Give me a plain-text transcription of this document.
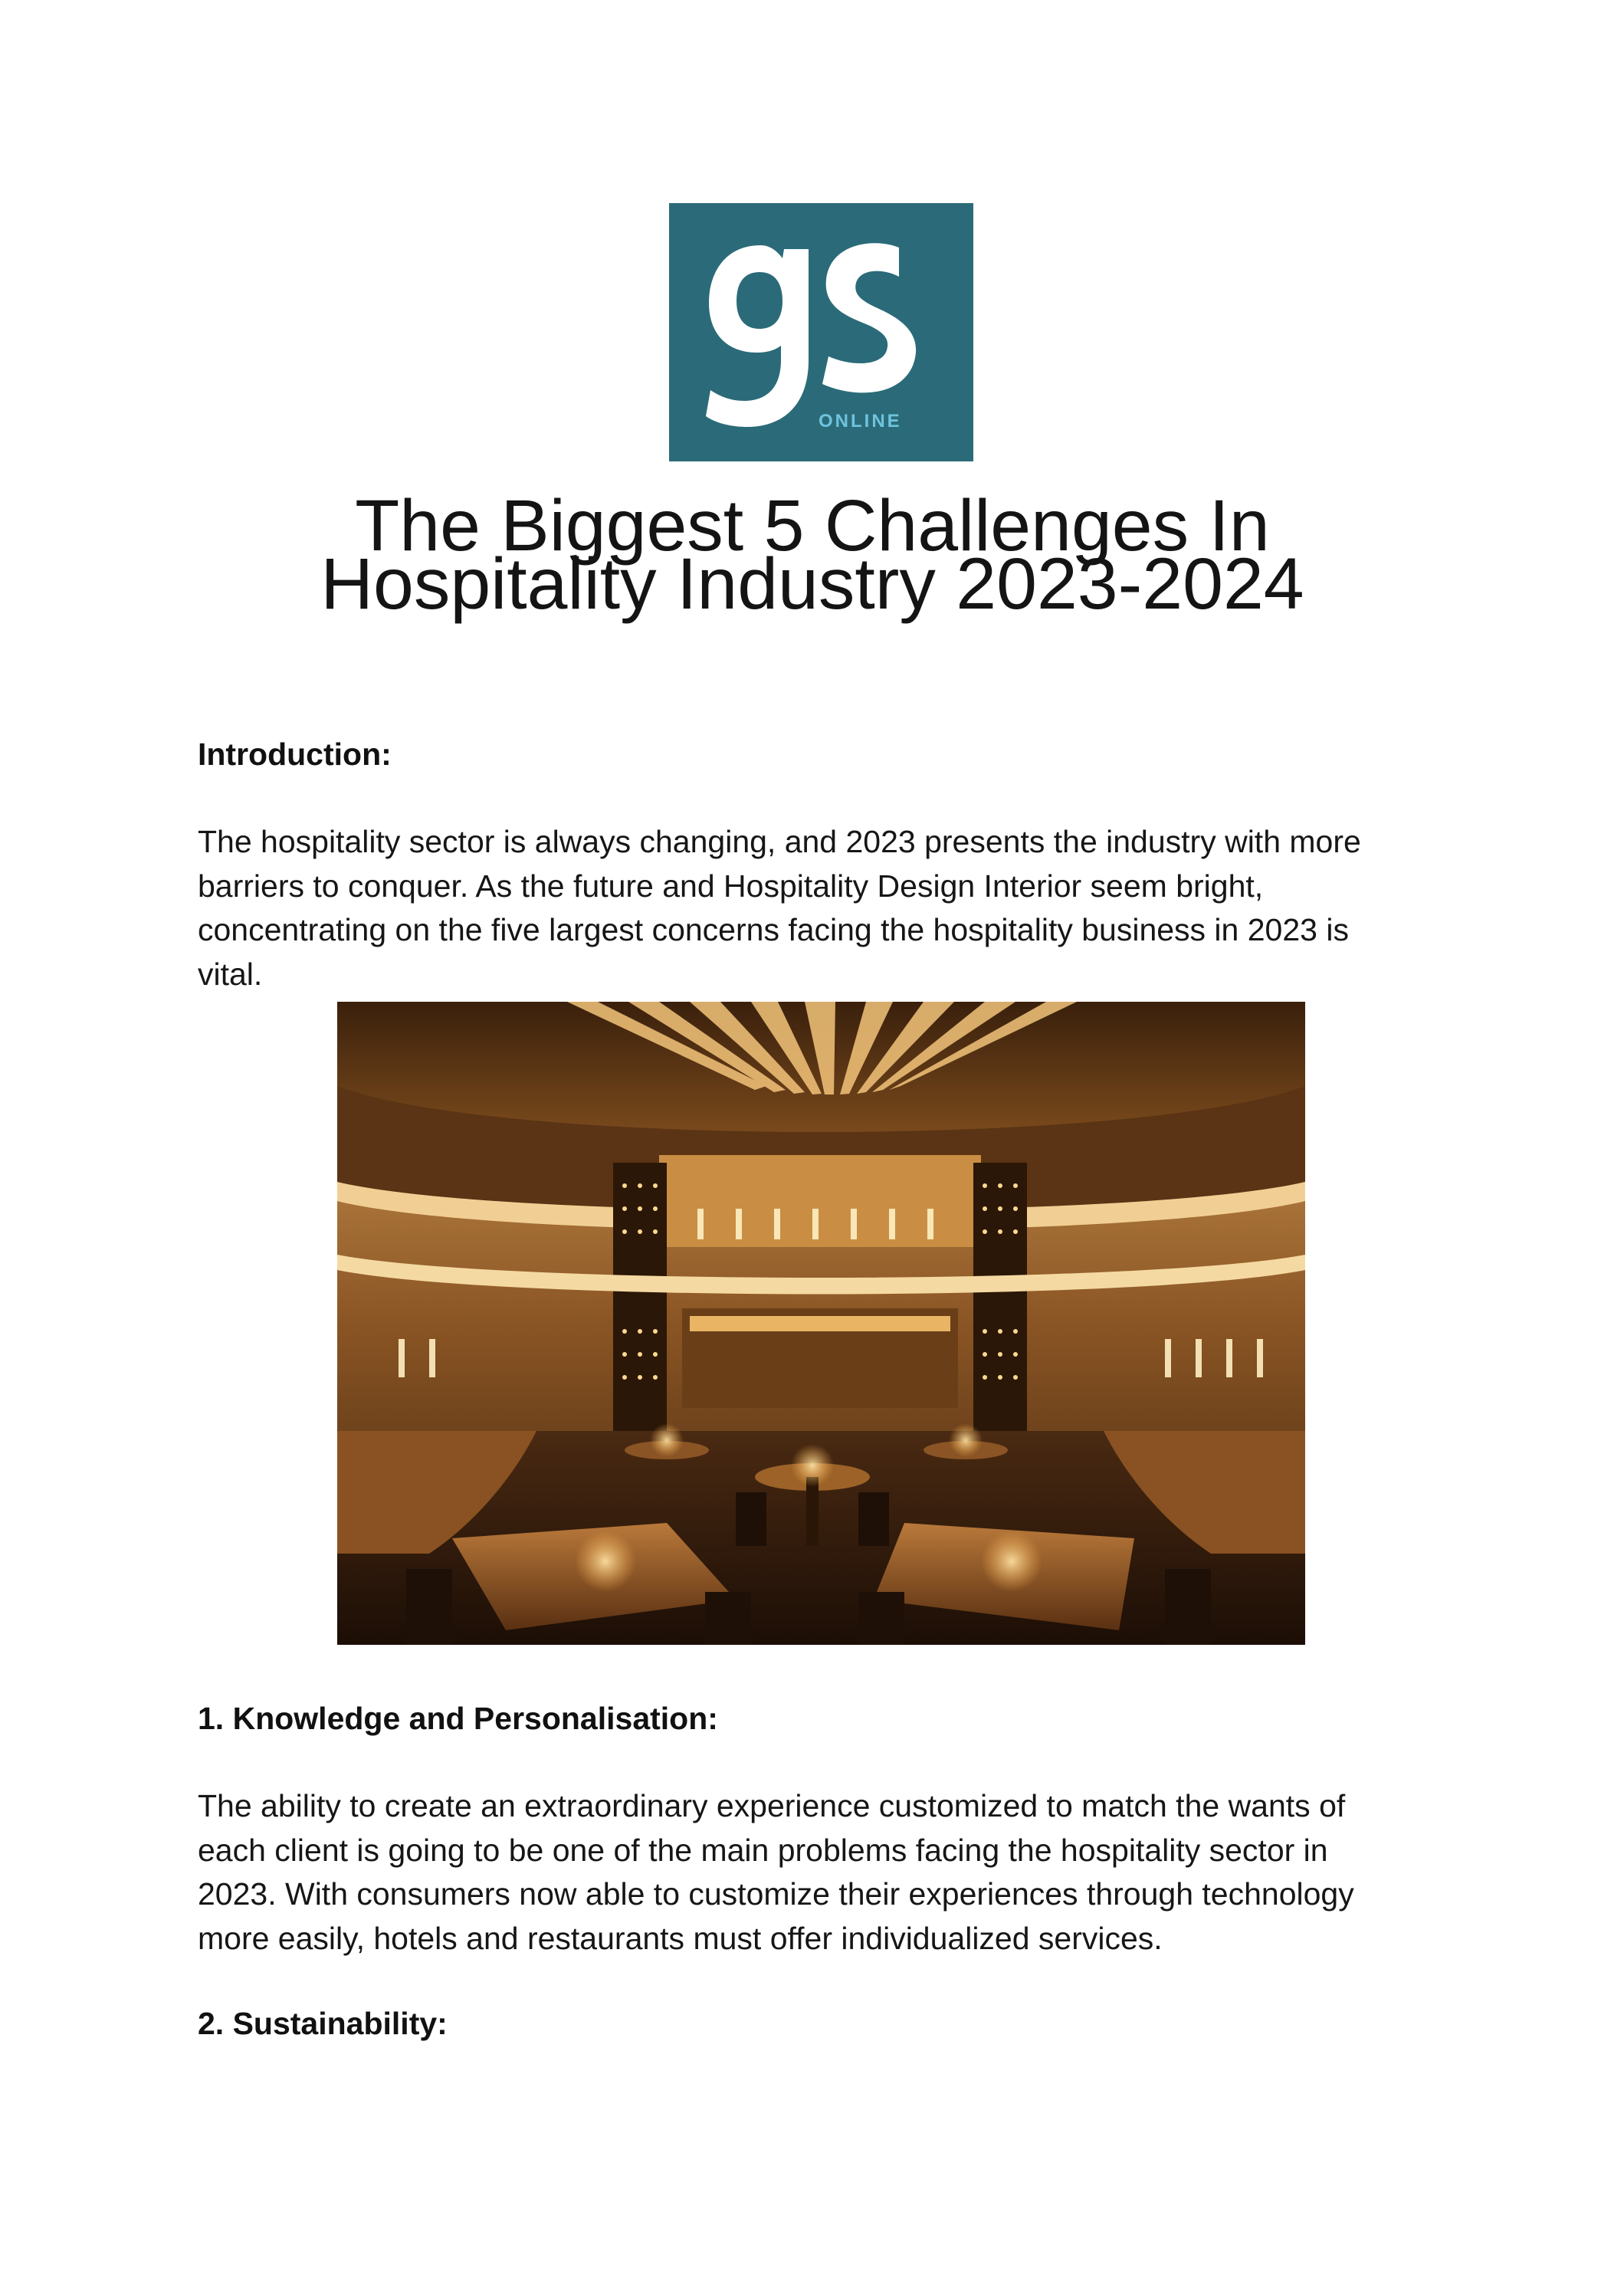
ONLINE
The Biggest 5 Challenges In
Hospitality Industry 2023-2024
Introduction:

The hospitality sector is always changing, and 2023 presents the industry with more
barriers to conquer. As the future and Hospitality Design Interior seem bright,
concentrating on the five largest concerns facing the hospitality business in 2023 is
vital.

1. Knowledge and Personalisation:

The ability to create an extraordinary experience customized to match the wants of
each client is going to be one of the main problems facing the hospitality sector in
2023. With consumers now able to customize their experiences through technology
more easily, hotels and restaurants must offer individualized services.

2. Sustainability:
